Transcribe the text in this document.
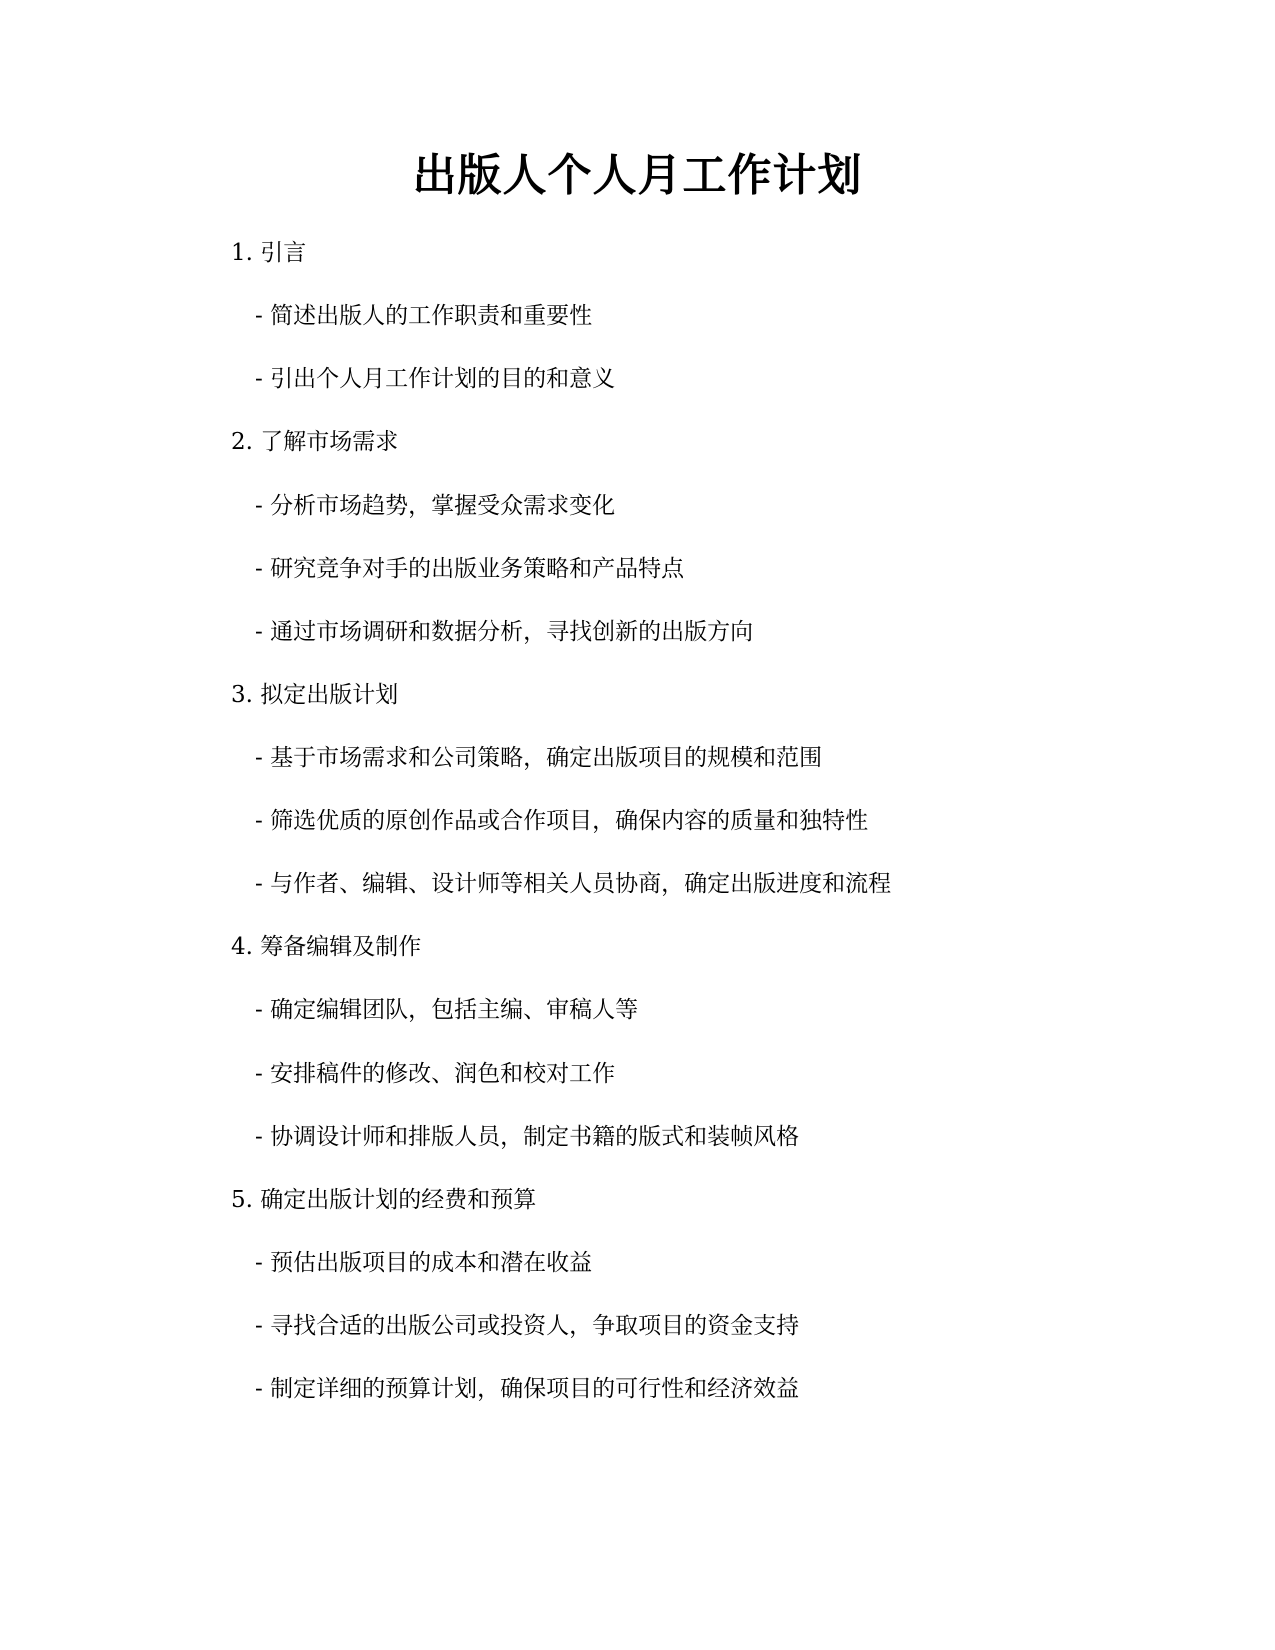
出版人个人月工作计划
1. 引言
- 简述出版人的工作职责和重要性
- 引出个人月工作计划的目的和意义
2. 了解市场需求
- 分析市场趋势，掌握受众需求变化
- 研究竞争对手的出版业务策略和产品特点
- 通过市场调研和数据分析，寻找创新的出版方向
3. 拟定出版计划
- 基于市场需求和公司策略，确定出版项目的规模和范围
- 筛选优质的原创作品或合作项目，确保内容的质量和独特性
- 与作者、编辑、设计师等相关人员协商，确定出版进度和流程
4. 筹备编辑及制作
- 确定编辑团队，包括主编、审稿人等
- 安排稿件的修改、润色和校对工作
- 协调设计师和排版人员，制定书籍的版式和装帧风格
5. 确定出版计划的经费和预算
- 预估出版项目的成本和潜在收益
- 寻找合适的出版公司或投资人，争取项目的资金支持
- 制定详细的预算计划，确保项目的可行性和经济效益
